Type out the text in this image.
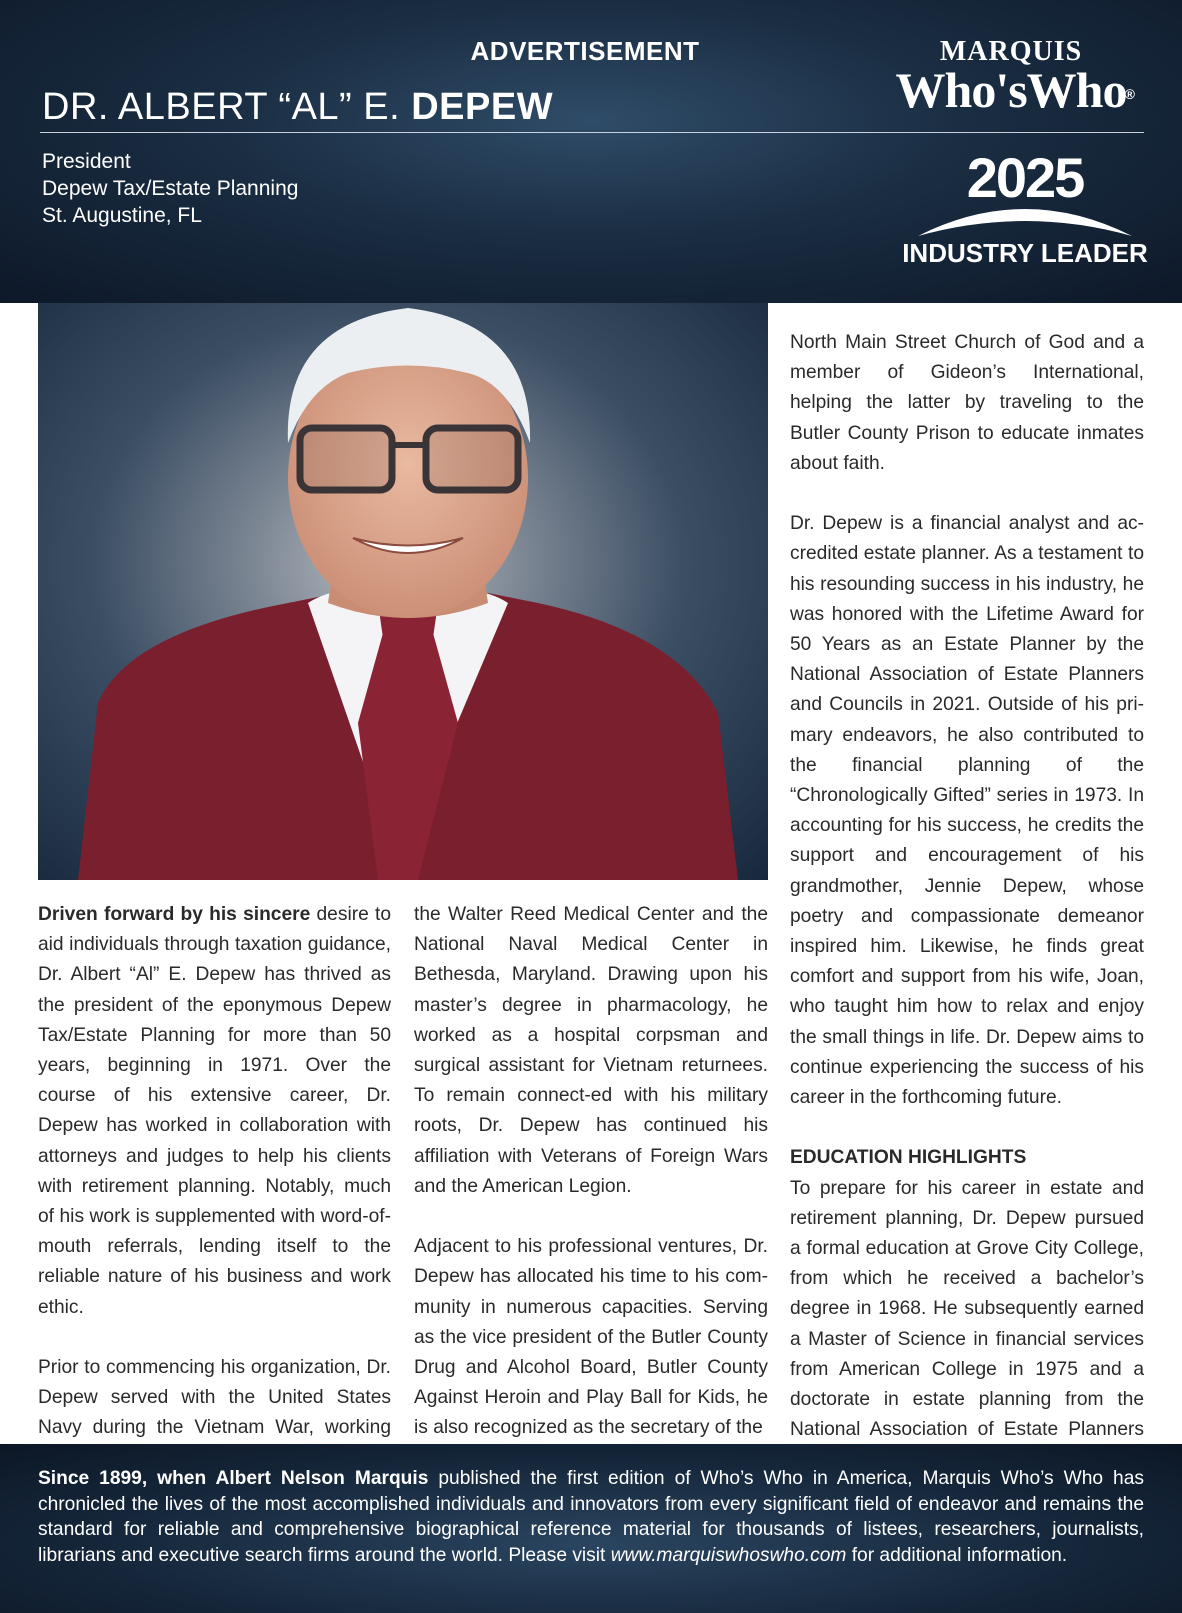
ADVERTISEMENT
DR. ALBERT “AL” E. DEPEW
President
Depew Tax/Estate Planning
St. Augustine, FL
MARQUIS
Who'sWho
®
2025
INDUSTRY LEADER

Driven forward by his sincere desire to aid individuals through taxation guidance, Dr. Albert “Al” E. Depew has thrived as the president of the eponymous Depew Tax/Estate Planning for more than 50 years, beginning in 1971. Over the course of his extensive career, Dr. Depew has worked in collaboration with attorneys and judges to help his clients with retirement planning. Notably, much of his work is supplemented with word-of-mouth referrals, lending itself to the reliable nature of his business and work ethic.

Prior to commencing his organization, Dr. Depew served with the United States Navy during the Vietnam War, working

the Walter Reed Medical Center and the National Naval Medical Center in Bethesda, Maryland. Drawing upon his master’s degree in pharmacology, he worked as a hospital corpsman and surgical assistant for Vietnam returnees. To remain connect-ed with his military roots, Dr. Depew has continued his affiliation with Veterans of Foreign Wars and the American Legion.

Adjacent to his professional ventures, Dr. Depew has allocated his time to his com-munity in numerous capacities. Serving as the vice president of the Butler County Drug and Alcohol Board, Butler County Against Heroin and Play Ball for Kids, he is also recognized as the secretary of the

North Main Street Church of God and a member of Gideon’s International, helping the latter by traveling to the Butler County Prison to educate inmates about faith.

Dr. Depew is a financial analyst and ac-credited estate planner. As a testament to his resounding success in his industry, he was honored with the Lifetime Award for 50 Years as an Estate Planner by the National Association of Estate Planners and Councils in 2021. Outside of his pri-mary endeavors, he also contributed to the financial planning of the “Chronologically Gifted” series in 1973. In accounting for his success, he credits the support and encouragement of his grandmother, Jennie Depew, whose poetry and compassionate demeanor inspired him. Likewise, he finds great comfort and support from his wife, Joan, who taught him how to relax and enjoy the small things in life. Dr. Depew aims to continue experiencing the success of his career in the forthcoming future.

EDUCATION HIGHLIGHTS

To prepare for his career in estate and retirement planning, Dr. Depew pursued a formal education at Grove City College, from which he received a bachelor’s degree in 1968. He subsequently earned a Master of Science in financial services from American College in 1975 and a doctorate in estate planning from the National Association of Estate Planners

Since 1899, when Albert Nelson Marquis published the first edition of Who’s Who in America, Marquis Who’s Who has chronicled the lives of the most accomplished individuals and innovators from every significant field of endeavor and remains the standard for reliable and comprehensive biographical reference material for thousands of listees, researchers, journalists, librarians and executive search firms around the world. Please visit www.marquiswhoswho.com for additional information.
